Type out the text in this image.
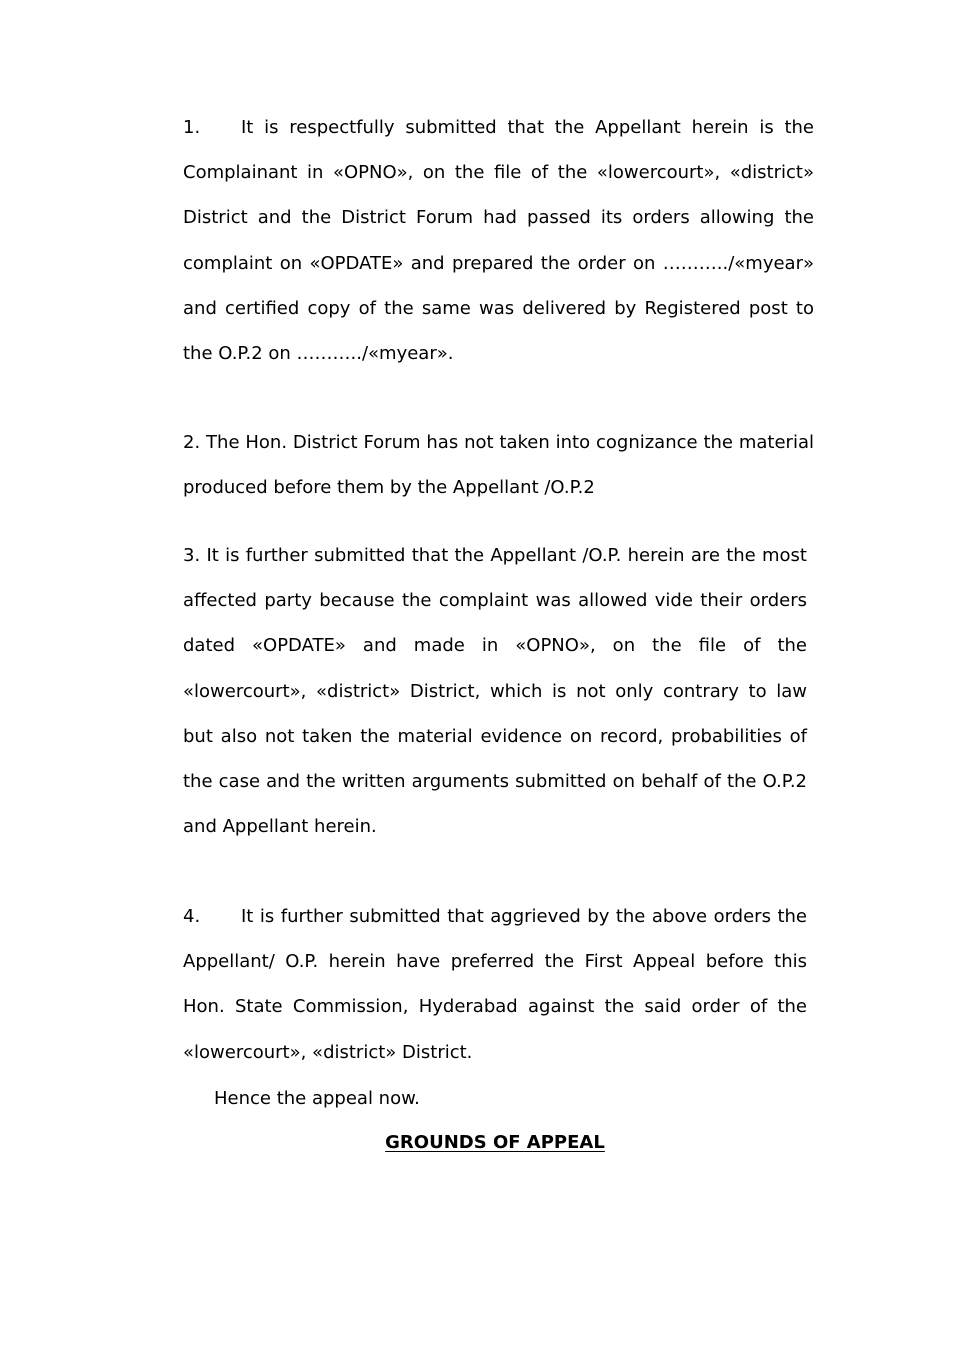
1. It is respectfully submitted that the Appellant herein is the Complainant in «OPNO», on the file of the «lowercourt», «district» District and the District Forum had passed its orders allowing the complaint on «OPDATE» and prepared the order on ………../«myear» and certified copy of the same was delivered by Registered post to the O.P.2 on ………../«myear».

2. The Hon. District Forum has not taken into cognizance the material produced before them by the Appellant /O.P.2

3. It is further submitted that the Appellant /O.P. herein are the most affected party because the complaint was allowed vide their orders dated «OPDATE» and made in «OPNO», on the file of the «lowercourt», «district» District, which is not only contrary to law but also not taken the material evidence on record, probabilities of the case and the written arguments submitted on behalf of the O.P.2 and Appellant herein.

4. It is further submitted that aggrieved by the above orders the Appellant/ O.P. herein have preferred the First Appeal before this Hon. State Commission, Hyderabad against the said order of the «lowercourt», «district» District.

Hence the appeal now.

GROUNDS OF APPEAL
